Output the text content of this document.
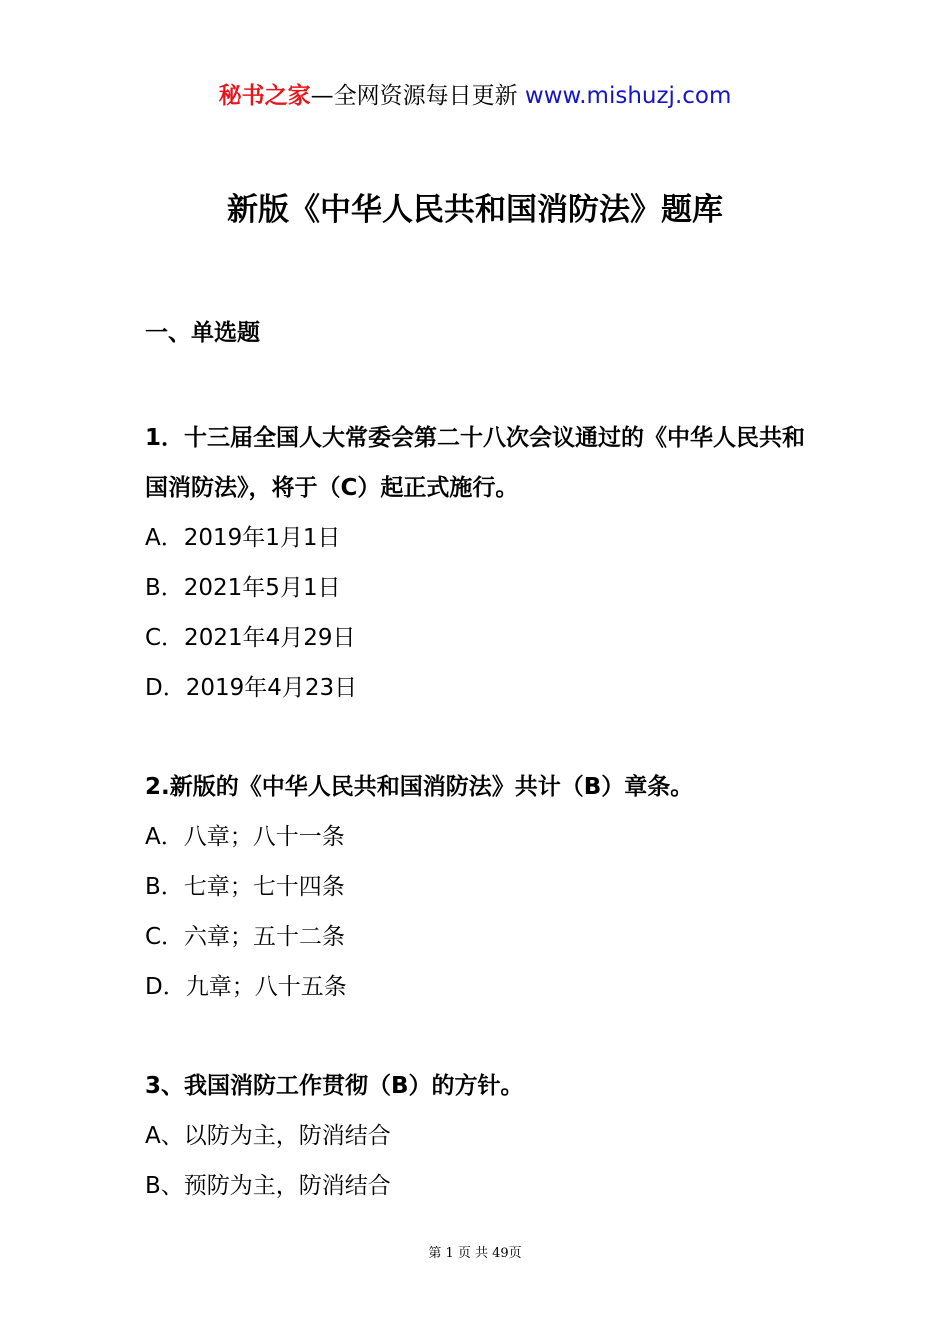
秘书之家—全网资源每日更新 www.mishuzj.com
新版《中华人民共和国消防法》题库
一、单选题

1．十三届全国人大常委会第二十八次会议通过的《中华人民共和国消防法》，将于（C）起正式施行。

A．2019年1月1日

B．2021年5月1日

C．2021年4月29日

D．2019年4月23日

2.新版的《中华人民共和国消防法》共计（B）章条。

A．八章；八十一条

B．七章；七十四条

C．六章；五十二条

D．九章；八十五条

3、我国消防工作贯彻（B）的方针。

A、以防为主，防消结合

B、预防为主，防消结合

第 1 页 共 49页
